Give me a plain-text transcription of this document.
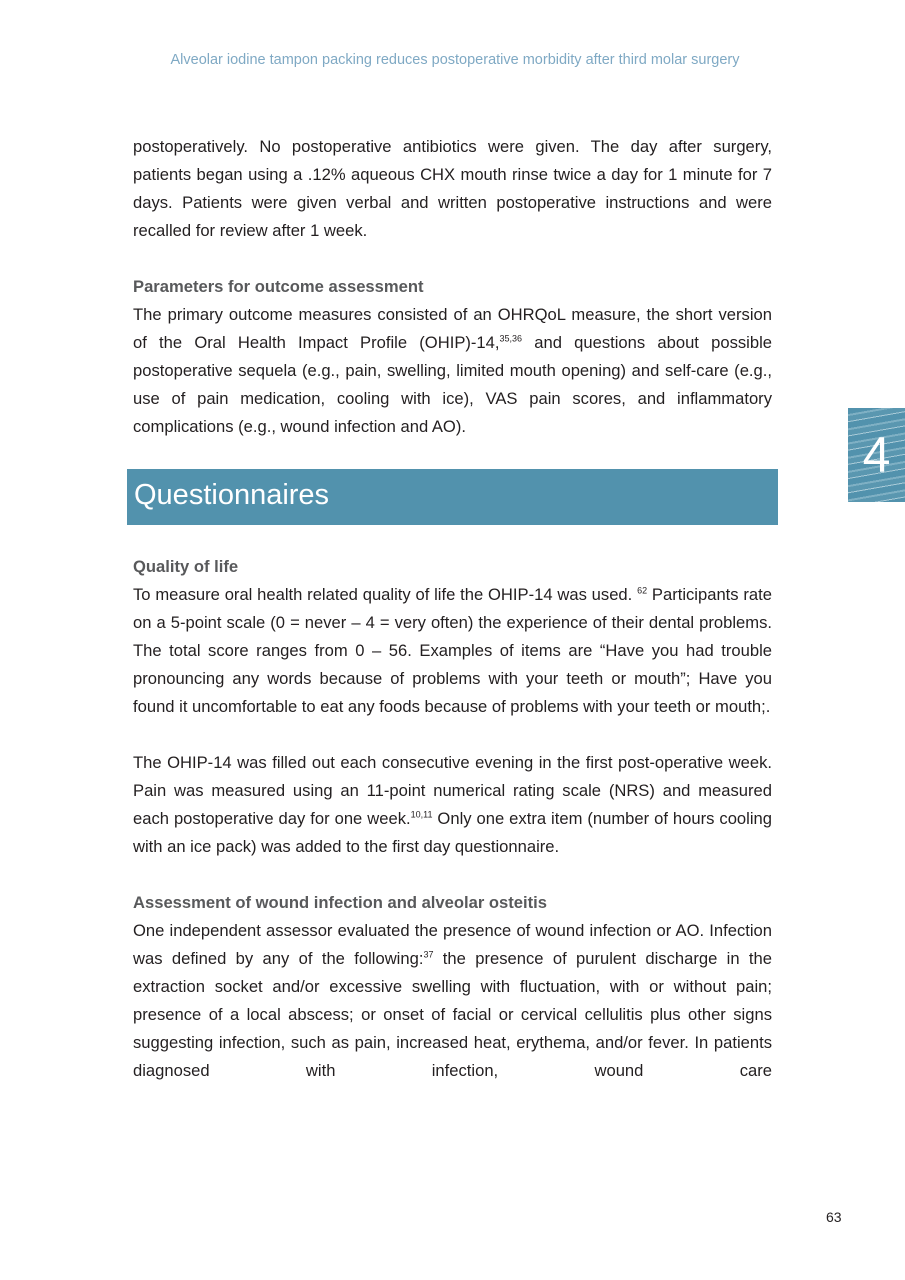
Alveolar iodine tampon packing reduces postoperative morbidity after third molar surgery

postoperatively. No postoperative antibiotics were given. The day after surgery, patients began using a .12% aqueous CHX mouth rinse twice a day for 1 minute for 7 days. Patients were given verbal and written postoperative instructions and were recalled for review after 1 week.

Parameters for outcome assessment

The primary outcome measures consisted of an OHRQoL measure, the short version of the Oral Health Impact Profile (OHIP)-14,$^{35,36}$ and questions about possible postoperative sequela (e.g., pain, swelling, limited mouth opening) and self-care (e.g., use of pain medication, cooling with ice), VAS pain scores, and inflammatory complications (e.g., wound infection and AO).

Questionnaires
Quality of life

To measure oral health related quality of life the OHIP-14 was used. $^{62}$ Participants rate on a 5-point scale (0 = never – 4 = very often) the experience of their dental problems. The total score ranges from 0 – 56. Examples of items are “Have you had trouble pronouncing any words because of problems with your teeth or mouth”; Have you found it uncomfortable to eat any foods because of problems with your teeth or mouth;.

The OHIP-14 was filled out each consecutive evening in the first post-operative week. Pain was measured using an 11-point numerical rating scale (NRS) and measured each postoperative day for one week.$^{10,11}$ Only one extra item (number of hours cooling with an ice pack) was added to the first day questionnaire.

Assessment of wound infection and alveolar osteitis

One independent assessor evaluated the presence of wound infection or AO. Infection was defined by any of the following:$^{37}$ the presence of purulent discharge in the extraction socket and/or excessive swelling with fluctuation, with or without pain; presence of a local abscess; or onset of facial or cervical cellulitis plus other signs suggesting infection, such as pain, increased heat, erythema, and/or fever. In patients diagnosed with infection, wound care

4
63
